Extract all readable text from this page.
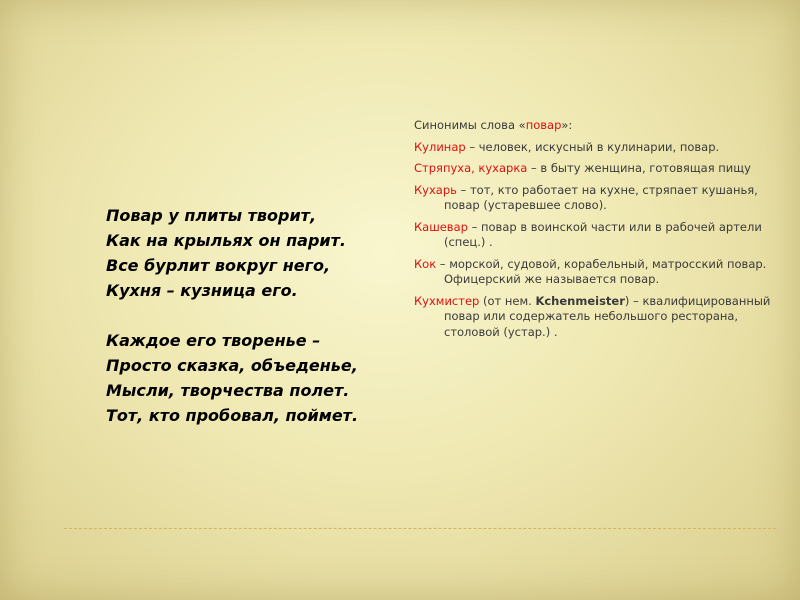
Повар у плиты творит,
Как на крыльях он парит.
Все бурлит вокруг него,
Кухня – кузница его.

Каждое его творенье –
Просто сказка, объеденье,
Мысли, творчества полет.
Тот, кто пробовал, поймет.

Синонимы слова «повар»:
Кулинар – человек, искусный в кулинарии, повар.
Стряпуха, кухарка – в быту женщина, готовящая пищу
Кухарь – тот, кто работает на кухне, стряпает кушанья, повар (устаревшее слово).
Кашевар – повар в воинской части или в рабочей артели (спец.) .
Кок – морской, судовой, корабельный, матросский повар. Офицерский же называется повар.
Кухмистер (от нем. Kchenmeister) – квалифицированный повар или содержатель небольшого ресторана, столовой (устар.) .
